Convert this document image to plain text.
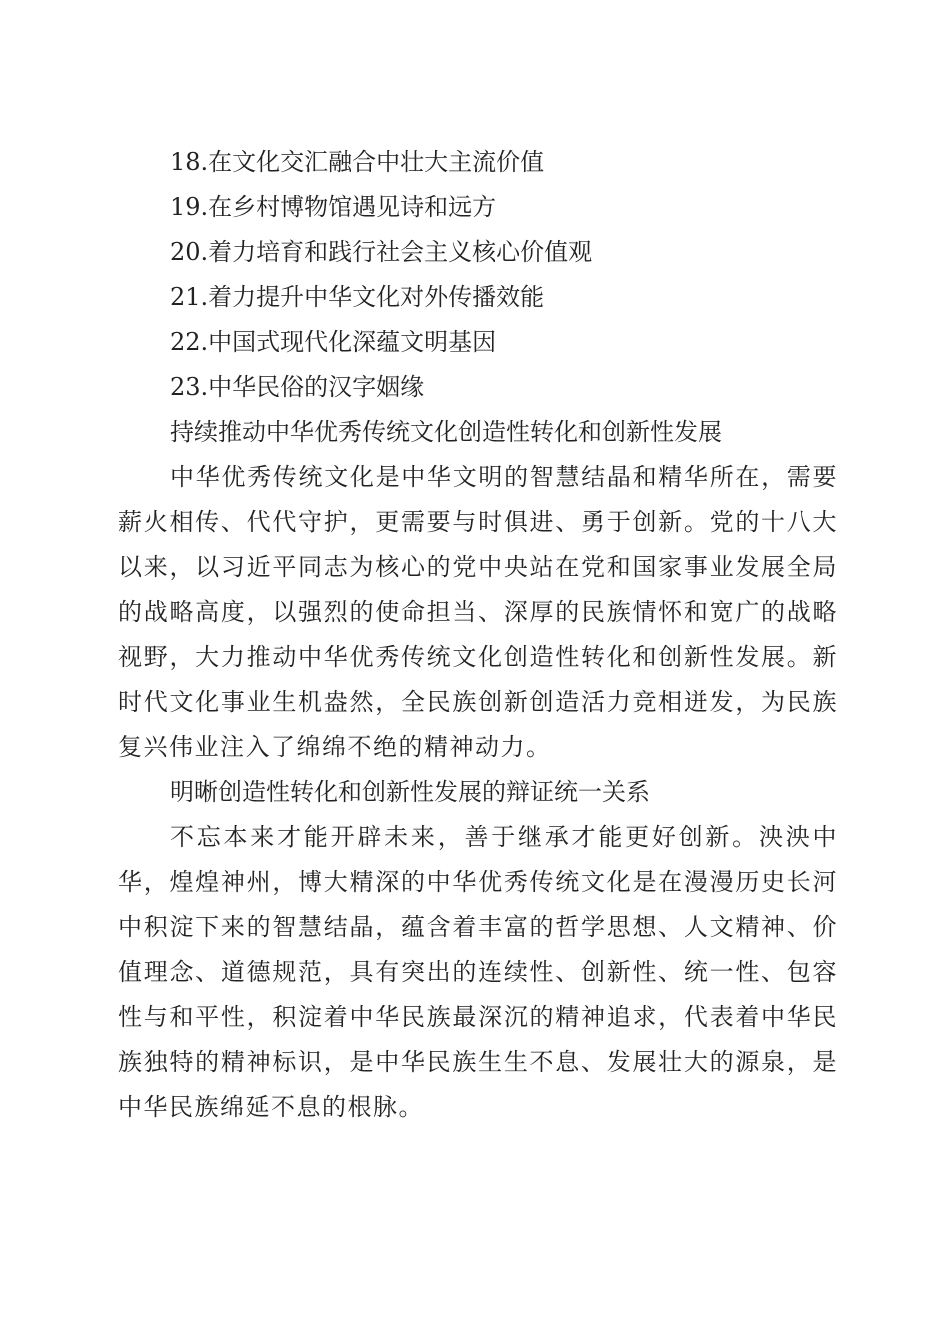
18.在文化交汇融合中壮大主流价值
19.在乡村博物馆遇见诗和远方
20.着力培育和践行社会主义核心价值观
21.着力提升中华文化对外传播效能
22.中国式现代化深蕴文明基因
23.中华民俗的汉字姻缘
持续推动中华优秀传统文化创造性转化和创新性发展

中华优秀传统文化是中华文明的智慧结晶和精华所在，需要薪火相传、代代守护，更需要与时俱进、勇于创新。党的十八大以来，以习近平同志为核心的党中央站在党和国家事业发展全局的战略高度，以强烈的使命担当、深厚的民族情怀和宽广的战略视野，大力推动中华优秀传统文化创造性转化和创新性发展。新时代文化事业生机盎然，全民族创新创造活力竞相迸发，为民族复兴伟业注入了绵绵不绝的精神动力。

明晰创造性转化和创新性发展的辩证统一关系

不忘本来才能开辟未来，善于继承才能更好创新。泱泱中华，煌煌神州，博大精深的中华优秀传统文化是在漫漫历史长河中积淀下来的智慧结晶，蕴含着丰富的哲学思想、人文精神、价值理念、道德规范，具有突出的连续性、创新性、统一性、包容性与和平性，积淀着中华民族最深沉的精神追求，代表着中华民族独特的精神标识，是中华民族生生不息、发展壮大的源泉，是中华民族绵延不息的根脉。
